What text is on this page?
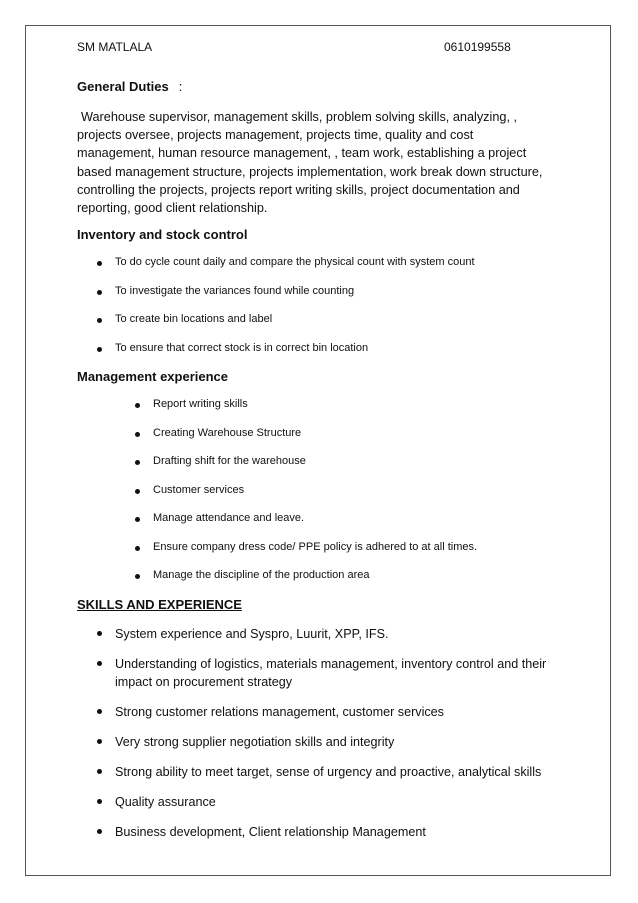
SM MATLALA	0610199558
General Duties :

Warehouse supervisor, management skills, problem solving skills, analyzing, , projects oversee, projects management, projects time, quality and cost management, human resource management, , team work, establishing a project based management structure, projects implementation, work break down structure, controlling the projects, projects report writing skills, project documentation and reporting, good client relationship.

Inventory and stock control
To do cycle count daily and compare the physical count with system count
To investigate the variances found while counting
To create bin locations and label
To ensure that correct stock is in correct bin location
Management experience
Report writing skills
Creating Warehouse Structure
Drafting shift for the warehouse
Customer services
Manage attendance and leave.
Ensure company dress code/ PPE policy is adhered to at all times.
Manage the discipline of the production area
SKILLS AND EXPERIENCE
System experience and Syspro, Luurit, XPP, IFS.
Understanding of logistics, materials management, inventory control and their impact on procurement strategy
Strong customer relations management, customer services
Very strong supplier negotiation skills and integrity
Strong ability to meet target, sense of urgency and proactive, analytical skills
Quality assurance
Business development, Client relationship Management
